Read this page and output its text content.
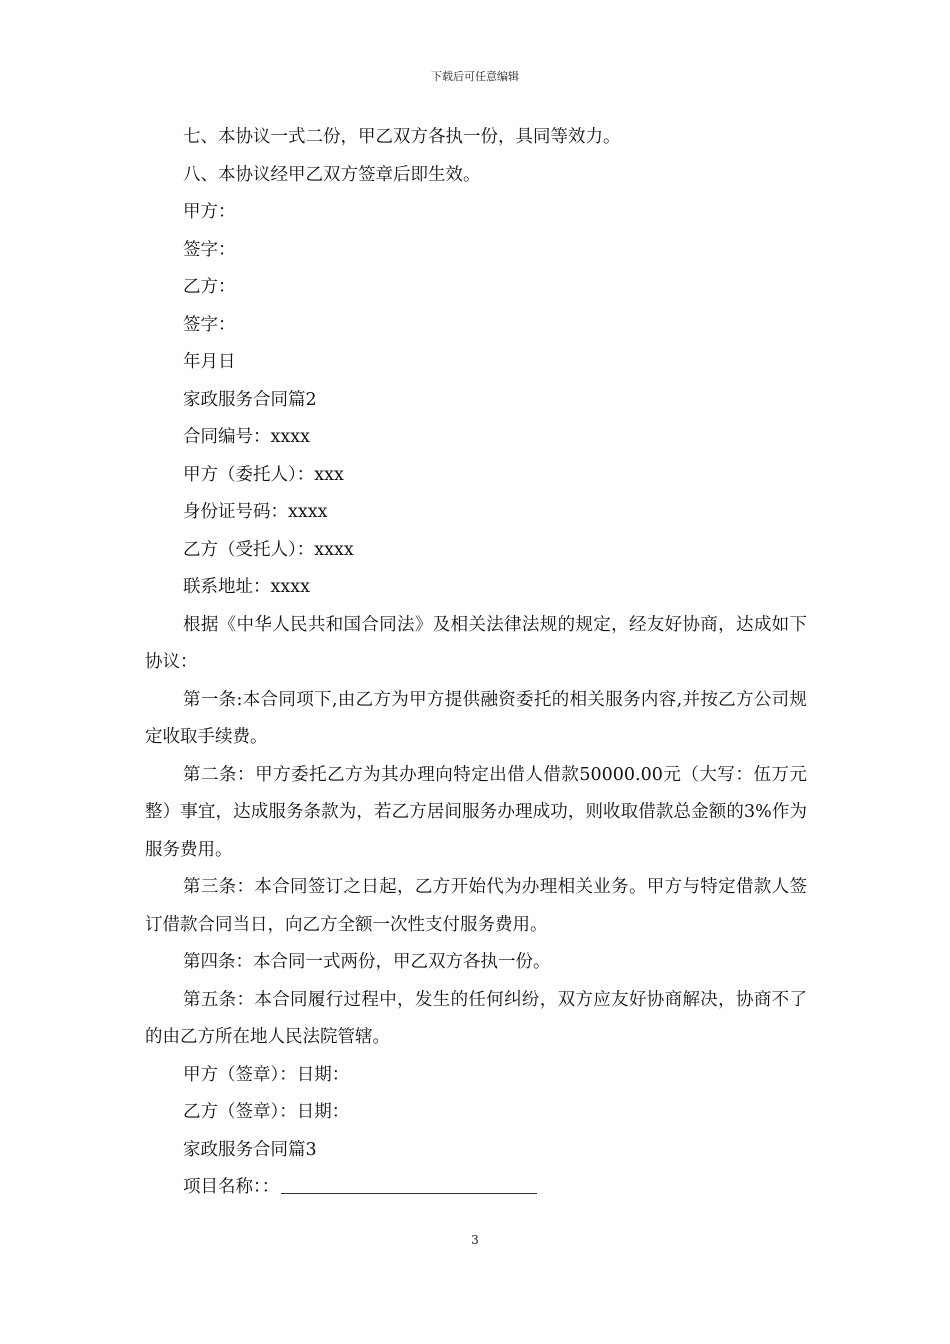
下载后可任意编辑

七、本协议一式二份，甲乙双方各执一份，具同等效力。

八、本协议经甲乙双方签章后即生效。

甲方：

签字：

乙方：

签字：

年月日

家政服务合同篇2

合同编号：xxxx

甲方（委托人）：xxx

身份证号码：xxxx

乙方（受托人）：xxxx

联系地址：xxxx

根据《中华人民共和国合同法》及相关法律法规的规定，经友好协商，达成如下协议：

第一条:本合同项下,由乙方为甲方提供融资委托的相关服务内容,并按乙方公司规定收取手续费。

第二条：甲方委托乙方为其办理向特定出借人借款50000.00元（大写：伍万元整）事宜，达成服务条款为，若乙方居间服务办理成功，则收取借款总金额的3%作为服务费用。

第三条：本合同签订之日起，乙方开始代为办理相关业务。甲方与特定借款人签订借款合同当日，向乙方全额一次性支付服务费用。

第四条：本合同一式两份，甲乙双方各执一份。

第五条：本合同履行过程中，发生的任何纠纷，双方应友好协商解决，协商不了的由乙方所在地人民法院管辖。

甲方（签章）：日期：

乙方（签章）：日期：

家政服务合同篇3

项目名称：：

3
